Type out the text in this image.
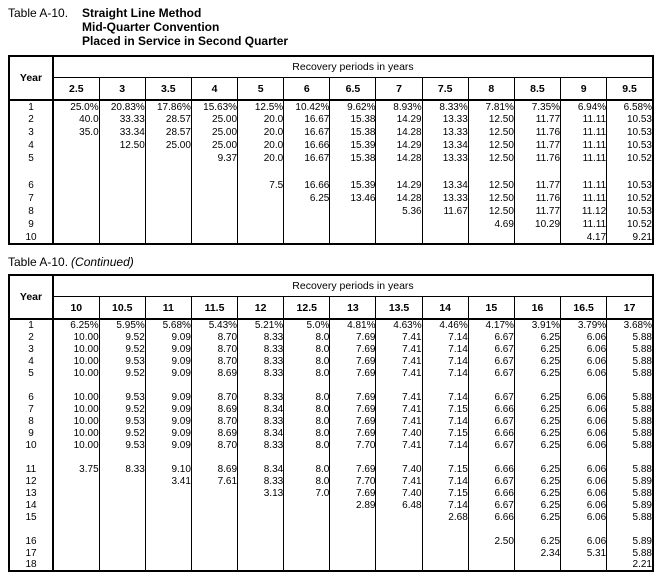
Table A-10.	Straight Line Method
Mid-Quarter Convention
Placed in Service in Second Quarter
Year	Recovery periods in years												
	2.5	3	3.5	4	5	6	6.5	7	7.5	8	8.5	9	9.5
1	25.0%	20.83%	17.86%	15.63%	12.5%	10.42%	9.62%	8.93%	8.33%	7.81%	7.35%	6.94%	6.58%
2	40.0	33.33	28.57	25.00	20.0	16.67	15.38	14.29	13.33	12.50	11.77	11.11	10.53
3	35.0	33.34	28.57	25.00	20.0	16.67	15.38	14.28	13.33	12.50	11.76	11.11	10.53
4		12.50	25.00	25.00	20.0	16.66	15.39	14.29	13.34	12.50	11.77	11.11	10.53
5				9.37	20.0	16.67	15.38	14.28	13.33	12.50	11.76	11.11	10.52

6					7.5	16.66	15.39	14.29	13.34	12.50	11.77	11.11	10.53
7						6.25	13.46	14.28	13.33	12.50	11.76	11.11	10.52
8								5.36	11.67	12.50	11.77	11.12	10.53
9										4.69	10.29	11.11	10.52
10												4.17	9.21
Table A-10. (Continued)
Year	Recovery periods in years												
	10	10.5	11	11.5	12	12.5	13	13.5	14	15	16	16.5	17
1	6.25%	5.95%	5.68%	5.43%	5.21%	5.0%	4.81%	4.63%	4.46%	4.17%	3.91%	3.79%	3.68%
2	10.00	9.52	9.09	8.70	8.33	8.0	7.69	7.41	7.14	6.67	6.25	6.06	5.88
3	10.00	9.52	9.09	8.70	8.33	8.0	7.69	7.41	7.14	6.67	6.25	6.06	5.88
4	10.00	9.53	9.09	8.70	8.33	8.0	7.69	7.41	7.14	6.67	6.25	6.06	5.88
5	10.00	9.52	9.09	8.69	8.33	8.0	7.69	7.41	7.14	6.67	6.25	6.06	5.88

6	10.00	9.53	9.09	8.70	8.33	8.0	7.69	7.41	7.14	6.67	6.25	6.06	5.88
7	10.00	9.52	9.09	8.69	8.34	8.0	7.69	7.41	7.15	6.66	6.25	6.06	5.88
8	10.00	9.53	9.09	8.70	8.33	8.0	7.69	7.41	7.14	6.67	6.25	6.06	5.88
9	10.00	9.52	9.09	8.69	8.34	8.0	7.69	7.40	7.15	6.66	6.25	6.06	5.88
10	10.00	9.53	9.09	8.70	8.33	8.0	7.70	7.41	7.14	6.67	6.25	6.06	5.88

11	3.75	8.33	9.10	8.69	8.34	8.0	7.69	7.40	7.15	6.66	6.25	6.06	5.88
12			3.41	7.61	8.33	8.0	7.70	7.41	7.14	6.67	6.25	6.06	5.89
13					3.13	7.0	7.69	7.40	7.15	6.66	6.25	6.06	5.88
14							2.89	6.48	7.14	6.67	6.25	6.06	5.89
15									2.68	6.66	6.25	6.06	5.88

16										2.50	6.25	6.06	5.89
17											2.34	5.31	5.88
18													2.21
